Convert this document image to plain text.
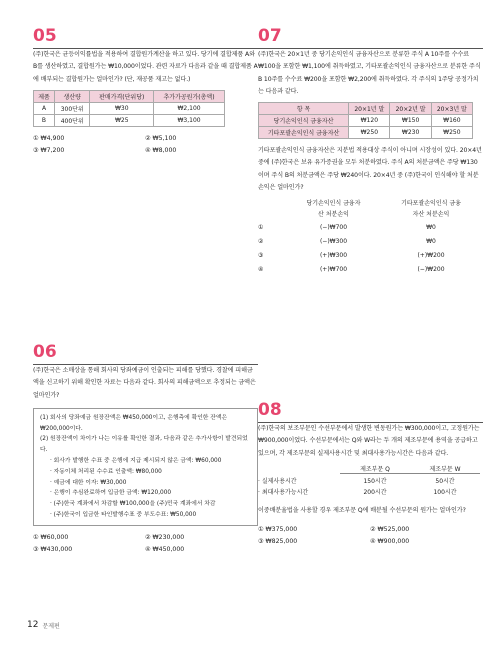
05
(주)한국은 균등이익률법을 적용하여 결합원가계산을 하고 있다. 당기에 결합제품 A와 B를 생산하였고, 결합원가는 ₩10,000이었다. 관련 자료가 다음과 같을 때 결합제품 A에 배부되는 결합원가는 얼마인가? (단, 재공품 재고는 없다.)
제품	생산량	판매가격(단위당)	추가가공원가(총액)
A	300단위	₩30	₩2,100
B	400단위	₩25	₩3,100
① ₩4,900	② ₩5,100
③ ₩7,200	④ ₩8,000
06
(주)한국은 소매상을 통해 회사의 당좌예금이 인출되는 피해를 당했다. 경찰에 피해금액을 신고하기 위해 확인한 자료는 다음과 같다. 회사의 피해금액으로 추정되는 금액은 얼마인가?
(1) 회사의 당좌예금 원장잔액은 ₩450,000이고, 은행측에 확인한 잔액은 ₩200,000이다.
(2) 원장잔액이 차이가 나는 이유를 확인한 결과, 다음과 같은 추가사항이 발견되었다.
· 회사가 발행한 수표 중 은행에 지급 제시되지 않은 금액: ₩60,000
· 자동이체 처리된 수수료 인출액: ₩80,000
· 예금에 대한 이자: ₩30,000
· 은행이 추심완료하여 입금한 금액: ₩120,000
· (주)한국 계좌에서 차감할 ₩100,000을 (주)민국 계좌에서 차감
· (주)한국이 입금한 타인발행수표 중 부도수표: ₩50,000
① ₩60,000	② ₩230,000
③ ₩430,000	④ ₩450,000
07
(주)한국은 20×1년 중 당기손익인식 금융자산으로 분류한 주식 A 10주를 수수료 ₩100을 포함한 ₩1,100에 취득하였고, 기타포괄손익인식 금융자산으로 분류한 주식 B 10주를 수수료 ₩200을 포함한 ₩2,200에 취득하였다. 각 주식의 1주당 공정가치는 다음과 같다.
항 목	20×1년 말	20×2년 말	20×3년 말
당기손익인식 금융자산	₩120	₩150	₩160
기타포괄손익인식 금융자산	₩250	₩230	₩250
기타포괄손익인식 금융자산은 지분법 적용대상 주식이 아니며 시장성이 있다. 20×4년 중에 (주)한국은 보유 유가증권을 모두 처분하였다. 주식 A의 처분금액은 주당 ₩130이며 주식 B의 처분금액은 주당 ₩240이다. 20×4년 중 (주)한국이 인식해야 할 처분손익은 얼마인가?
당기손익인식 금융자산 처분손익
기타포괄손익인식 금융자산 처분손익
①	(−)₩700	₩0
②	(−)₩300	₩0
③	(+)₩300	(+)₩200
④	(+)₩700	(−)₩200
08
(주)한국의 보조부문인 수선부문에서 발생한 변동원가는 ₩300,000이고, 고정원가는 ₩900,000이었다. 수선부문에서는 Q와 W라는 두 개의 제조부문에 용역을 공급하고 있으며, 각 제조부문의 실제사용시간 및 최대사용가능시간은 다음과 같다.
제조부문 Q	제조부문 W
· 실제사용시간	150시간	50시간
· 최대사용가능시간	200시간	100시간
이중배분율법을 사용할 경우 제조부문 Q에 배분될 수선부문의 원가는 얼마인가?
① ₩375,000	② ₩525,000
③ ₩825,000	④ ₩900,000
12 문제편
